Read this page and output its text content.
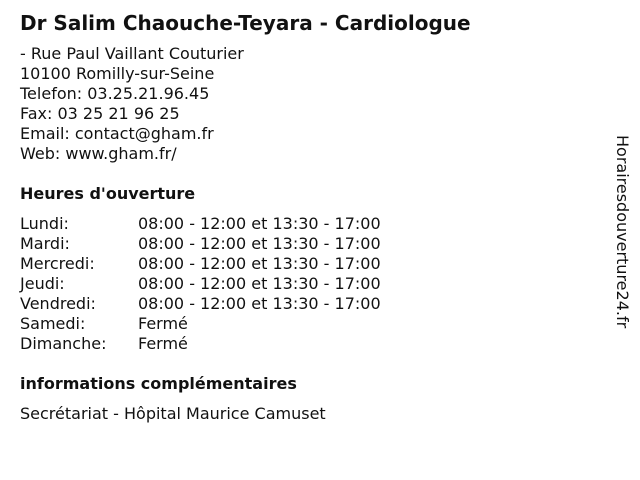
Dr Salim Chaouche-Teyara - Cardiologue
- Rue Paul Vaillant Couturier
10100 Romilly-sur-Seine
Telefon: 03.25.21.96.45
Fax: 03 25 21 96 25
Email: contact@gham.fr
Web: www.gham.fr/
Heures d'ouverture
Lundi:	08:00 - 12:00 et 13:30 - 17:00
Mardi:	08:00 - 12:00 et 13:30 - 17:00
Mercredi:	08:00 - 12:00 et 13:30 - 17:00
Jeudi:	08:00 - 12:00 et 13:30 - 17:00
Vendredi:	08:00 - 12:00 et 13:30 - 17:00
Samedi:	Fermé
Dimanche: Fermé
informations complémentaires
Secrétariat - Hôpital Maurice Camuset
Horairesdouverture24.fr
